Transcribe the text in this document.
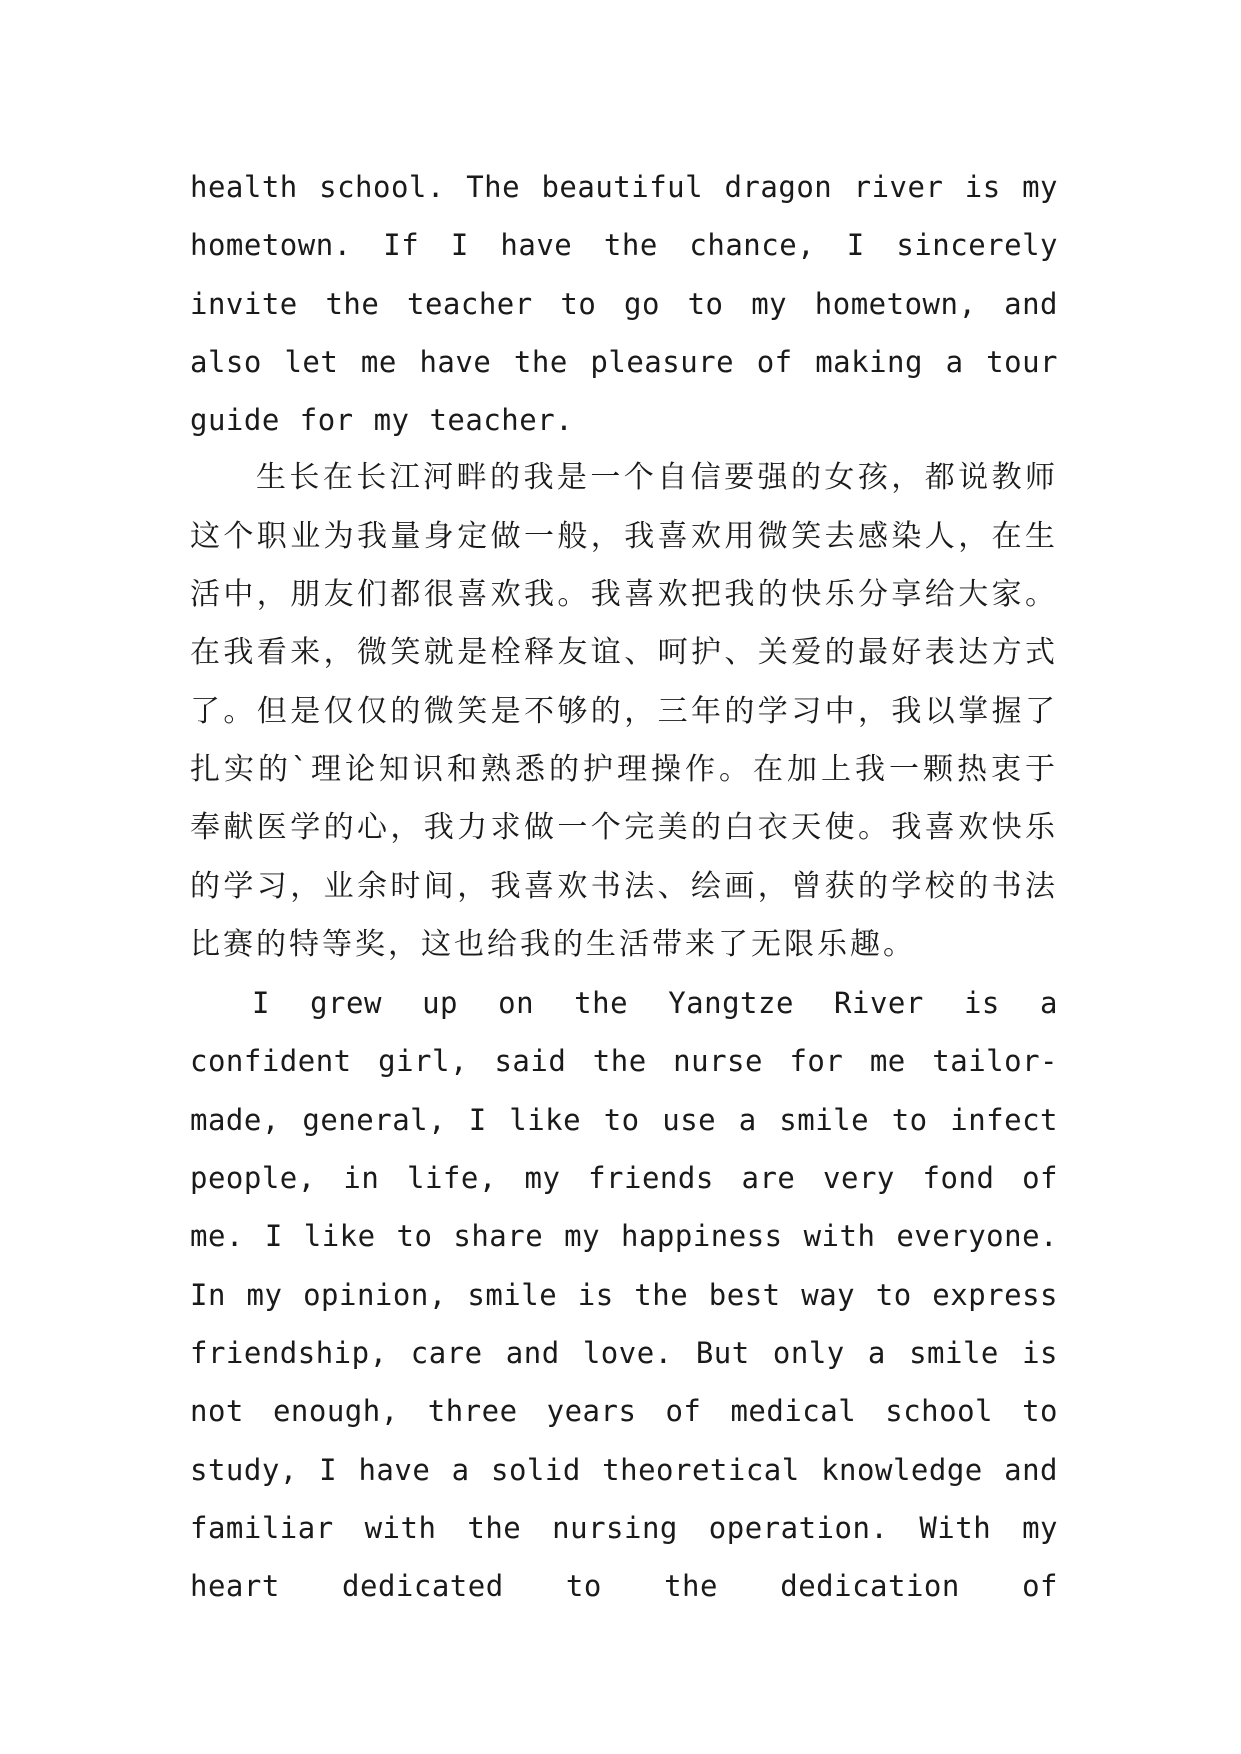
health school. The beautiful dragon river is my hometown. If I have the chance, I sincerely invite the teacher to go to my hometown, and also let me have the pleasure of making a tour guide for my teacher.

生长在长江河畔的我是一个自信要强的女孩，都说教师这个职业为我量身定做一般，我喜欢用微笑去感染人，在生活中，朋友们都很喜欢我。我喜欢把我的快乐分享给大家。在我看来，微笑就是栓释友谊、呵护、关爱的最好表达方式了。但是仅仅的微笑是不够的，三年的学习中，我以掌握了扎实的`理论知识和熟悉的护理操作。在加上我一颗热衷于奉献医学的心，我力求做一个完美的白衣天使。我喜欢快乐的学习，业余时间，我喜欢书法、绘画，曾获的学校的书法比赛的特等奖，这也给我的生活带来了无限乐趣。

I grew up on the Yangtze River is a confident girl, said the nurse for me tailor-made, general, I like to use a smile to infect people, in life, my friends are very fond of me. I like to share my happiness with everyone. In my opinion, smile is the best way to express friendship, care and love. But only a smile is not enough, three years of medical school to study, I have a solid theoretical knowledge and familiar with the nursing operation. With my heart dedicated to the dedication of
